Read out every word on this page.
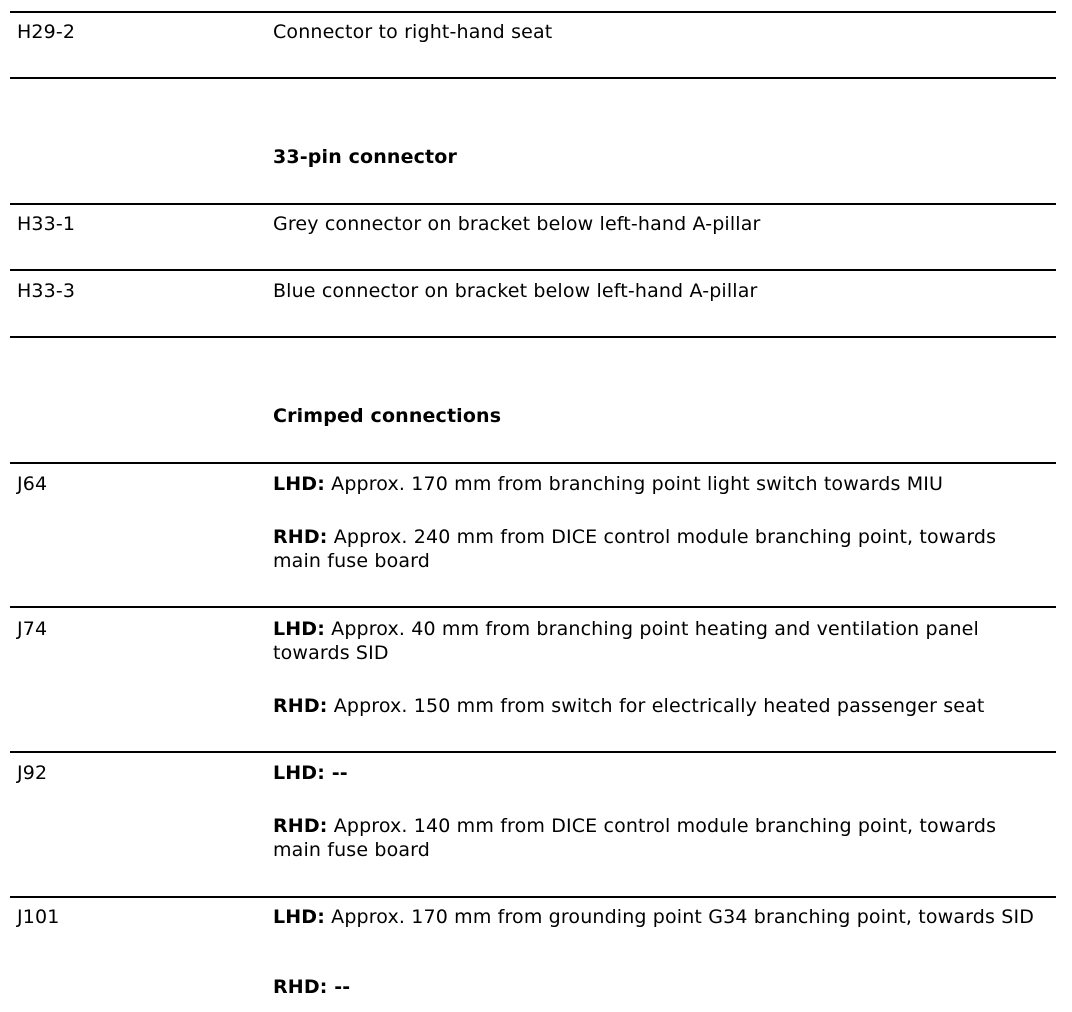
H29-2	Connector to right-hand seat
33-pin connector
H33-1	Grey connector on bracket below left-hand A-pillar
H33-3	Blue connector on bracket below left-hand A-pillar
Crimped connections
J64	LHD: Approx. 170 mm from branching point light switch towards MIU
RHD: Approx. 240 mm from DICE control module branching point, towards main fuse board
J74	LHD: Approx. 40 mm from branching point heating and ventilation panel towards SID
RHD: Approx. 150 mm from switch for electrically heated passenger seat
J92	LHD: --
RHD: Approx. 140 mm from DICE control module branching point, towards main fuse board
J101	LHD: Approx. 170 mm from grounding point G34 branching point, towards SID
RHD: --
